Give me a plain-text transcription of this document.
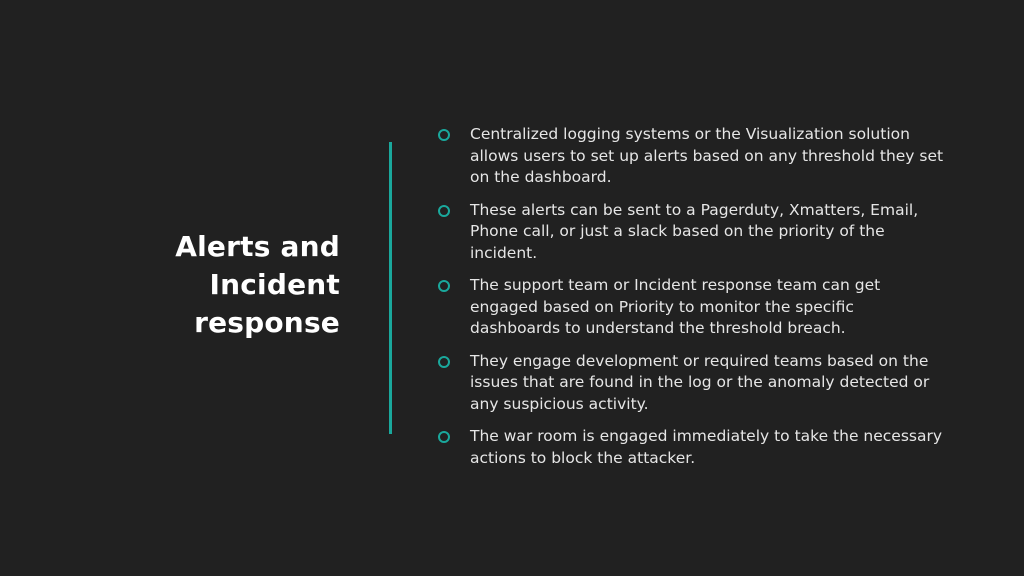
Alerts and
Incident
response
Centralized logging systems or the Visualization solution allows users to set up alerts based on any threshold they set on the dashboard.
These alerts can be sent to a Pagerduty, Xmatters, Email, Phone call, or just a slack based on the priority of the incident.
The support team or Incident response team can get engaged based on Priority to monitor the specific dashboards to understand the threshold breach.
They engage development or required teams based on the issues that are found in the log or the anomaly detected or any suspicious activity.
The war room is engaged immediately to take the necessary actions to block the attacker.
